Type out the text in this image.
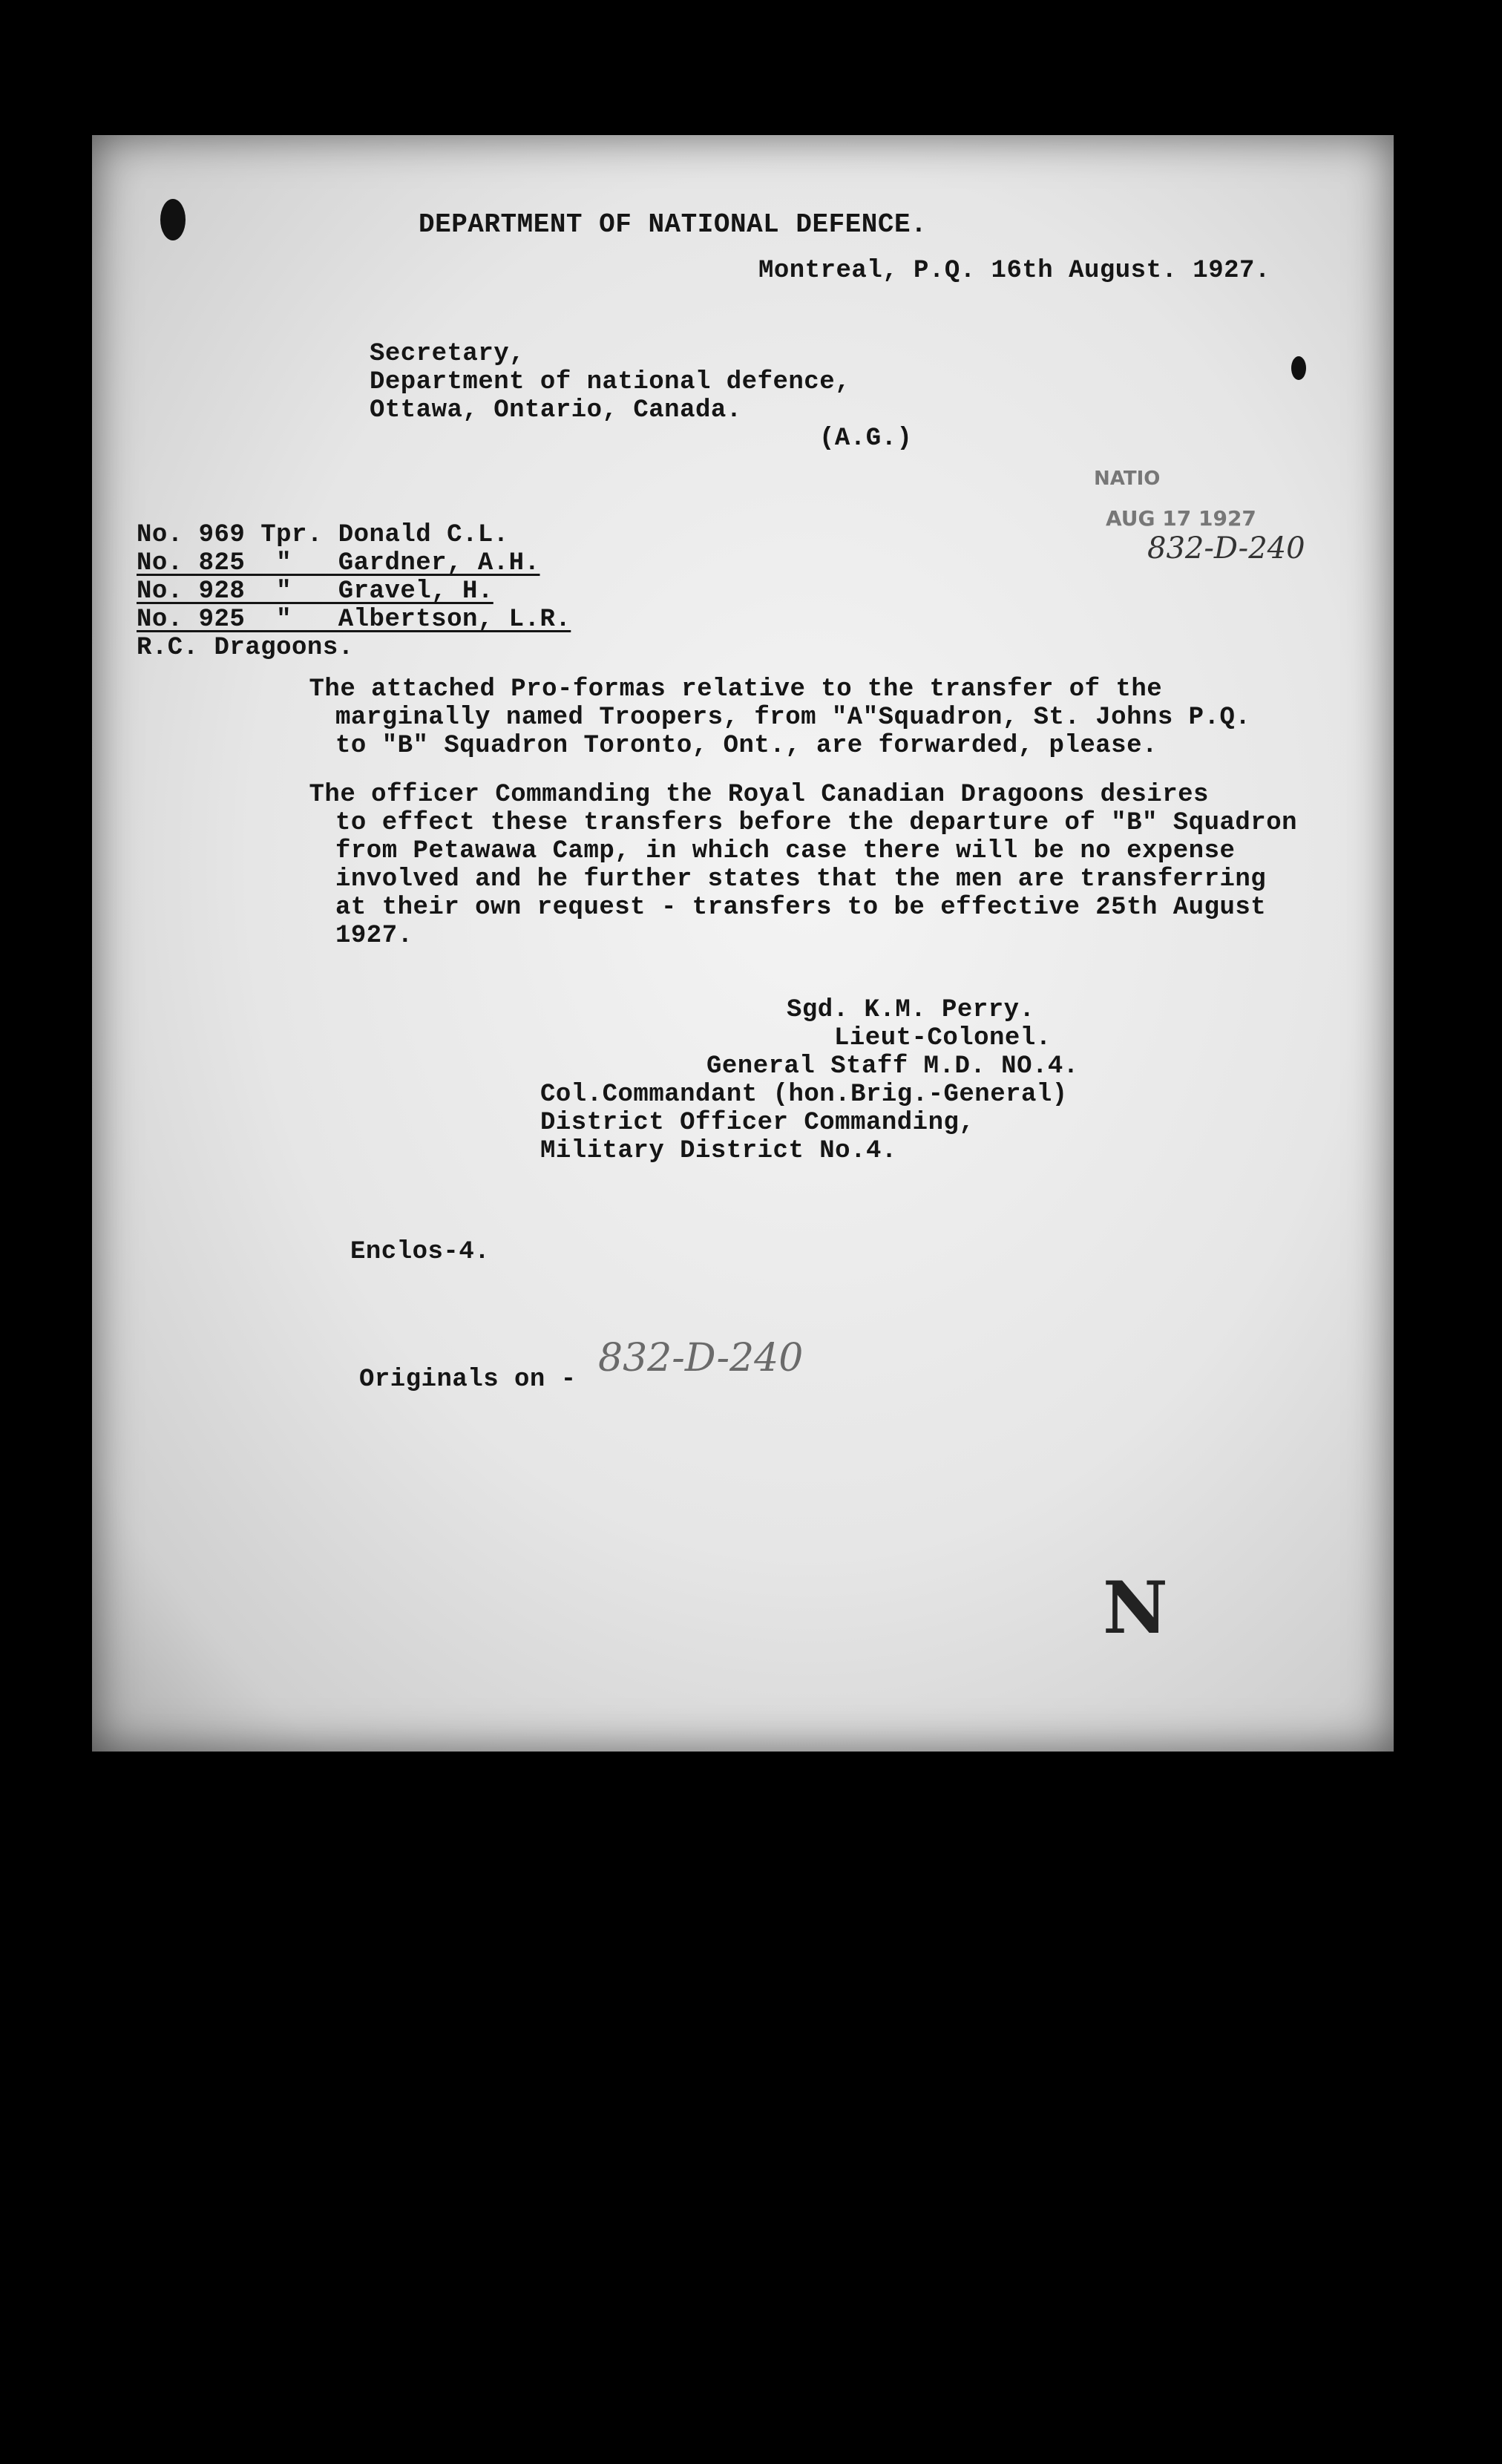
DEPARTMENT OF NATIONAL DEFENCE.
Montreal, P.Q. 16th August. 1927.
Secretary,
Department of national defence,
Ottawa, Ontario, Canada.
(A.G.)
NATIO
AUG 17 1927
832-D-240
No. 969 Tpr. Donald C.L.
No. 825  "   Gardner, A.H.
No. 928  "   Gravel, H.
No. 925  "   Albertson, L.R.
R.C. Dragoons.
The attached Pro-formas relative to the transfer of the
marginally named Troopers, from "A"Squadron, St. Johns P.Q.
to "B" Squadron Toronto, Ont., are forwarded, please.
The officer Commanding the Royal Canadian Dragoons desires
to effect these transfers before the departure of "B" Squadron
from Petawawa Camp, in which case there will be no expense
involved and he further states that the men are transferring
at their own request - transfers to be effective 25th August
1927.
Sgd. K.M. Perry.
Lieut-Colonel.
General Staff M.D. NO.4.
Col.Commandant (hon.Brig.-General)
District Officer Commanding,
Military District No.4.
Enclos-4.
Originals on - 832-D-240
N
